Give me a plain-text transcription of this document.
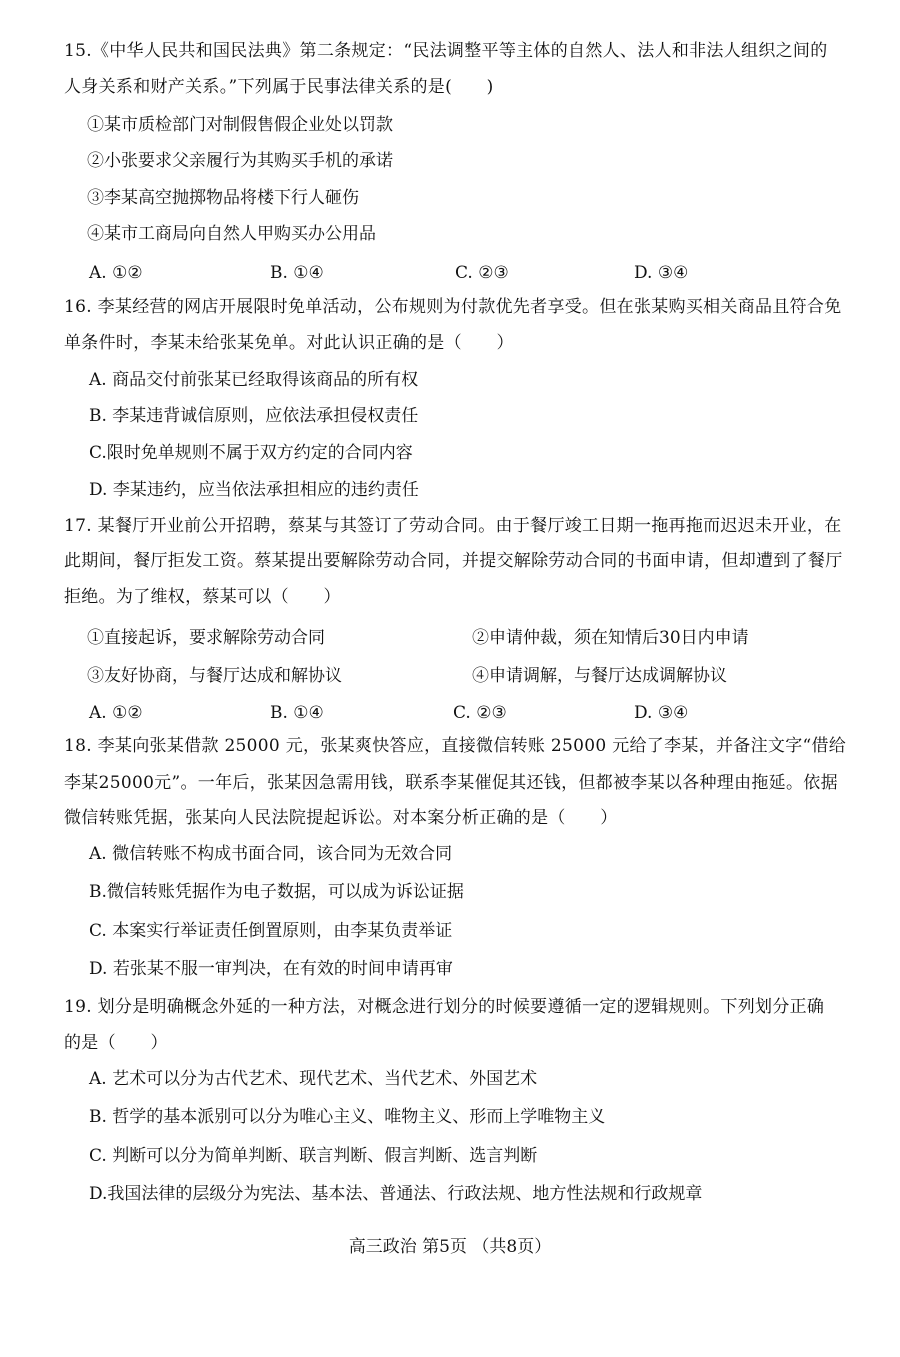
15.《中华人民共和国民法典》第二条规定：“民法调整平等主体的自然人、法人和非法人组织之间的
人身关系和财产关系。”下列属于民事法律关系的是(　　)
①某市质检部门对制假售假企业处以罚款
②小张要求父亲履行为其购买手机的承诺
③李某高空抛掷物品将楼下行人砸伤
④某市工商局向自然人甲购买办公用品
A. ①②	B. ①④	C. ②③	D. ③④
16. 李某经营的网店开展限时免单活动，公布规则为付款优先者享受。但在张某购买相关商品且符合免
单条件时，李某未给张某免单。对此认识正确的是（　　）
A. 商品交付前张某已经取得该商品的所有权
B. 李某违背诚信原则，应依法承担侵权责任
C.限时免单规则不属于双方约定的合同内容
D. 李某违约，应当依法承担相应的违约责任
17. 某餐厅开业前公开招聘，蔡某与其签订了劳动合同。由于餐厅竣工日期一拖再拖而迟迟未开业，在
此期间，餐厅拒发工资。蔡某提出要解除劳动合同，并提交解除劳动合同的书面申请，但却遭到了餐厅
拒绝。为了维权，蔡某可以（　　）
①直接起诉，要求解除劳动合同	②申请仲裁，须在知情后30日内申请
③友好协商，与餐厅达成和解协议	④申请调解，与餐厅达成调解协议
A. ①②	B. ①④	C. ②③	D. ③④
18. 李某向张某借款 25000 元，张某爽快答应，直接微信转账 25000 元给了李某，并备注文字“借给
李某25000元”。一年后，张某因急需用钱，联系李某催促其还钱，但都被李某以各种理由拖延。依据
微信转账凭据，张某向人民法院提起诉讼。对本案分析正确的是（　　）
A. 微信转账不构成书面合同，该合同为无效合同
B.微信转账凭据作为电子数据，可以成为诉讼证据
C. 本案实行举证责任倒置原则，由李某负责举证
D. 若张某不服一审判决，在有效的时间申请再审
19. 划分是明确概念外延的一种方法，对概念进行划分的时候要遵循一定的逻辑规则。下列划分正确
的是（　　）
A. 艺术可以分为古代艺术、现代艺术、当代艺术、外国艺术
B. 哲学的基本派别可以分为唯心主义、唯物主义、形而上学唯物主义
C. 判断可以分为简单判断、联言判断、假言判断、选言判断
D.我国法律的层级分为宪法、基本法、普通法、行政法规、地方性法规和行政规章
高三政治 第5页 （共8页）
